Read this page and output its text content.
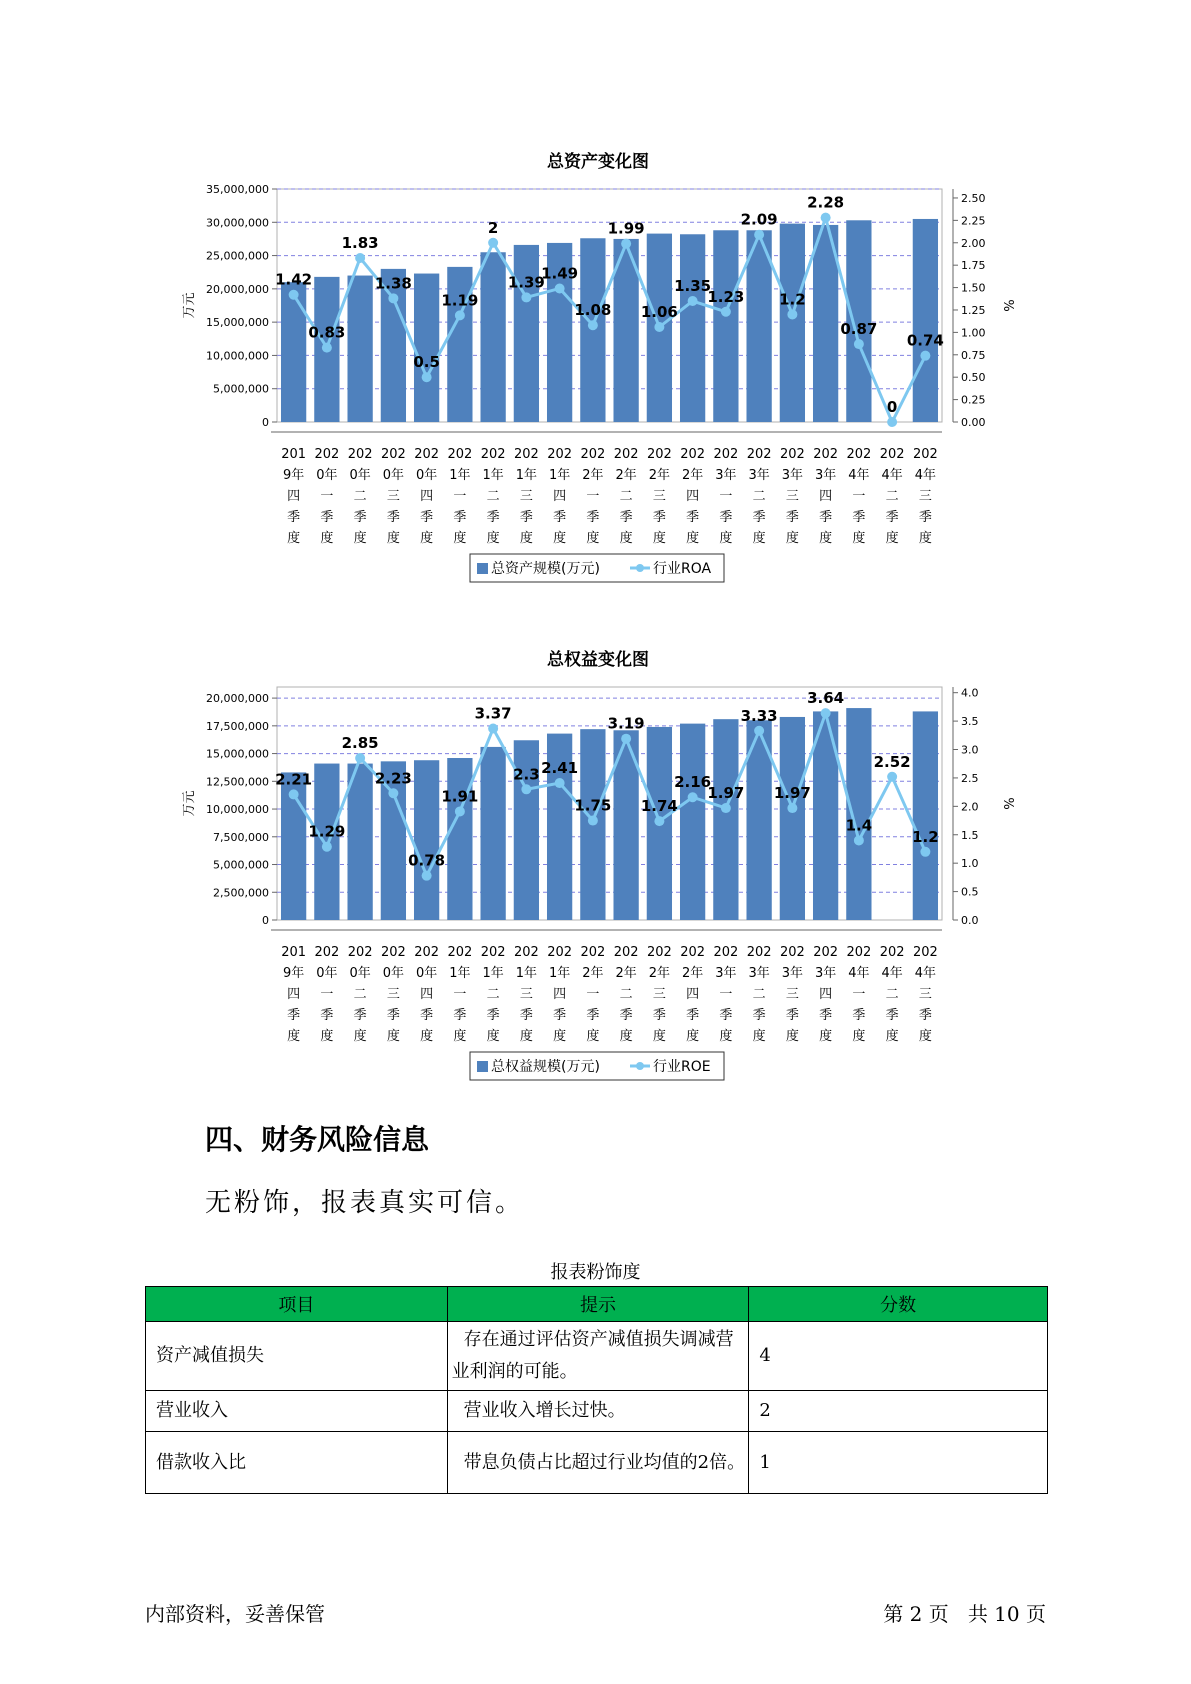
总资产变化图
0
5,000,000
10,000,000
15,000,000
20,000,000
25,000,000
30,000,000
35,000,000
0.00
0.25
0.50
0.75
1.00
1.25
1.50
1.75
2.00
2.25
2.50
万元	%
1.42
0.83
1.83
1.38
0.5
1.19
2
1.39
1.49
1.08
1.99
1.06
1.35
1.23
2.09
1.2
2.28
0.87
0
0.74
201
9年
四
季
度
202
0年
一
季
度
202
0年
二
季
度
202
0年
三
季
度
202
0年
四
季
度
202
1年
一
季
度
202
1年
二
季
度
202
1年
三
季
度
202
1年
四
季
度
202
2年
一
季
度
202
2年
二
季
度
202
2年
三
季
度
202
2年
四
季
度
202
3年
一
季
度
202
3年
二
季
度
202
3年
三
季
度
202
3年
四
季
度
202
4年
一
季
度
202
4年
二
季
度
202
4年
三
季
度
总资产规模(万元)	行业ROA
总权益变化图
0
2,500,000
5,000,000
7,500,000
10,000,000
12,500,000
15,000,000
17,500,000
20,000,000
0.0
0.5
1.0
1.5
2.0
2.5
3.0
3.5
4.0
万元	%
2.21
1.29
2.85
2.23
0.78
1.91
3.37
2.3 2.41
1.75
3.19
1.74
2.16
1.97
3.33
1.97
3.64
1.4
2.52
1.2
201
9年
四
季
度
202
0年
一
季
度
202
0年
二
季
度
202
0年
三
季
度
202
0年
四
季
度
202
1年
一
季
度
202
1年
二
季
度
202
1年
三
季
度
202
1年
四
季
度
202
2年
一
季
度
202
2年
二
季
度
202
2年
三
季
度
202
2年
四
季
度
202
3年
一
季
度
202
3年
二
季
度
202
3年
三
季
度
202
3年
四
季
度
202
4年
一
季
度
202
4年
二
季
度
202
4年
三
季
度
总权益规模(万元)	行业ROE
四、财务风险信息
无粉饰，报表真实可信。
报表粉饰度
项目	提示	分数
资产减值损失	存在通过评估资产减值损失调减营业利润的可能。	4
营业收入	营业收入增长过快。	2
借款收入比	带息负债占比超过行业均值的2倍。	1
内部资料，妥善保管	第 2 页   共 10 页
